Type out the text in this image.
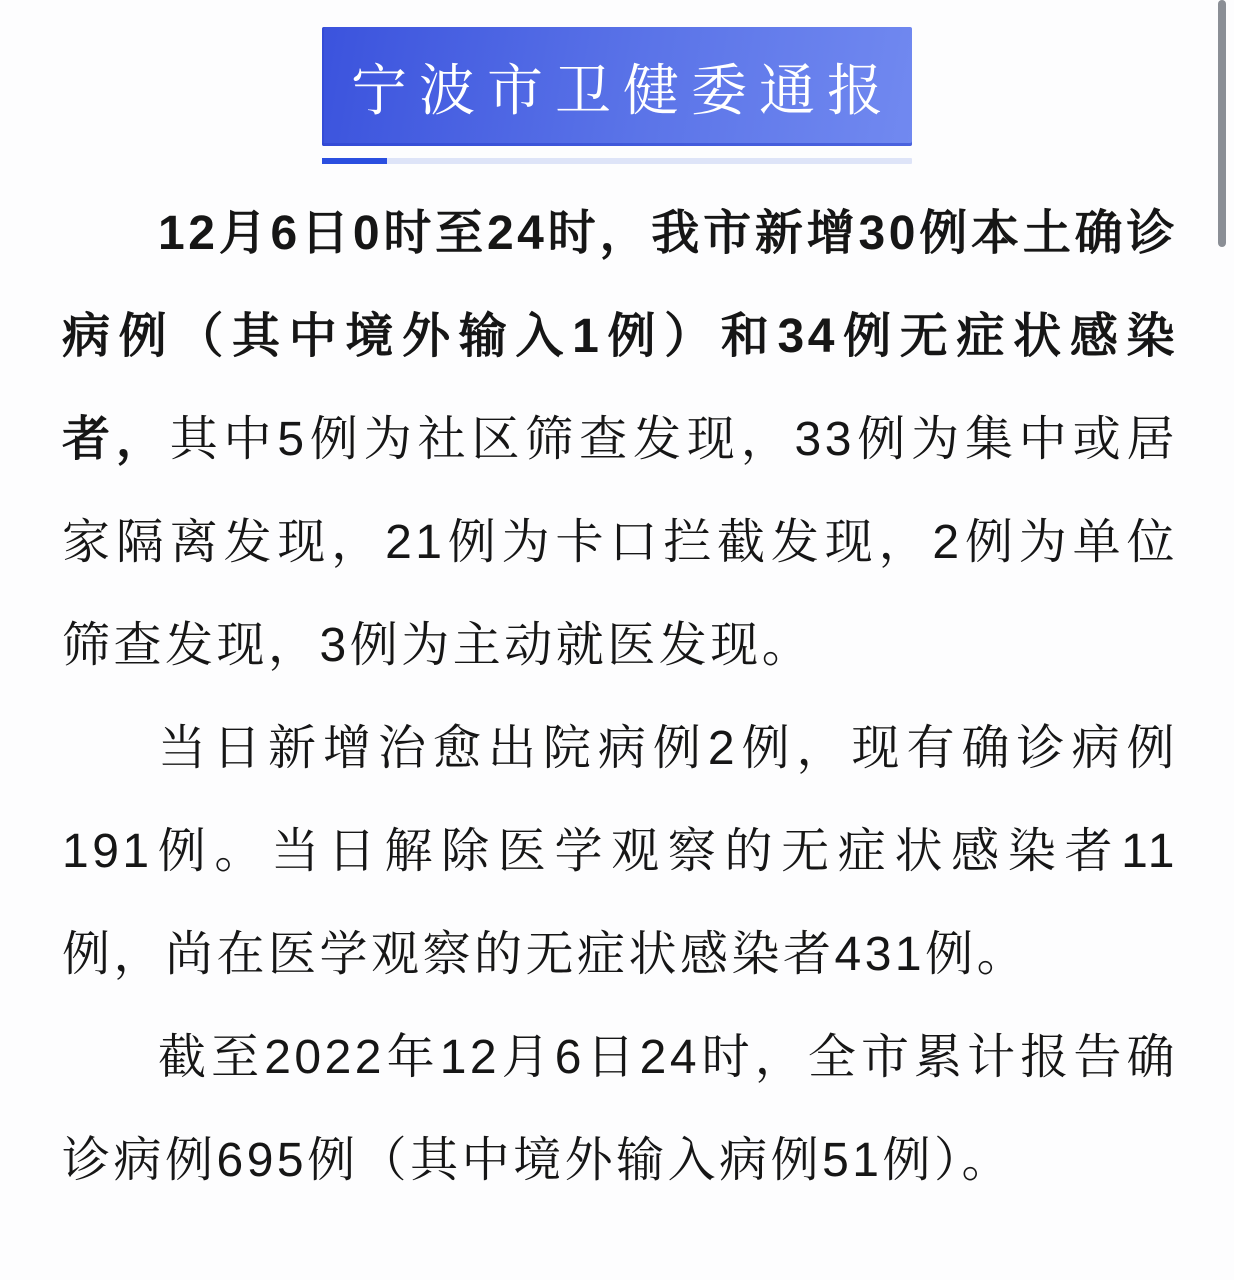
宁波市卫健委通报

12月6日0时至24时，我市新增30例本土确诊病例（其中境外输入1例）和34例无症状感染者，其中5例为社区筛查发现，33例为集中或居家隔离发现，21例为卡口拦截发现，2例为单位筛查发现，3例为主动就医发现。

当日新增治愈出院病例2例，现有确诊病例191例。当日解除医学观察的无症状感染者11例，尚在医学观察的无症状感染者431例。

截至2022年12月6日24时，全市累计报告确诊病例695例（其中境外输入病例51例）。
